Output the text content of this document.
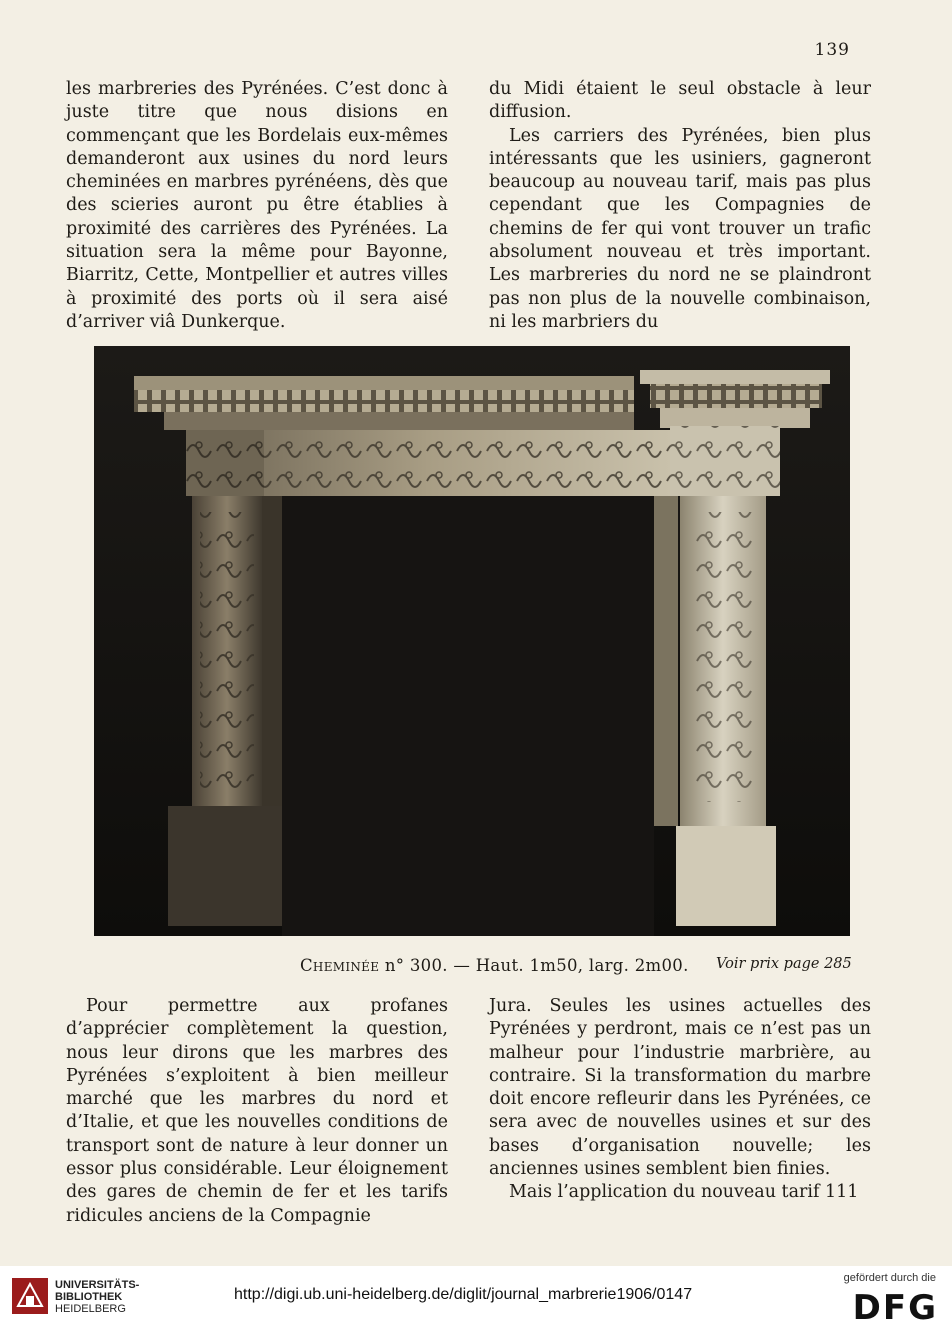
139

les marbreries des Pyrénées. C’est donc à juste titre que nous disions en commençant que les Bordelais eux-mêmes demanderont aux usines du nord leurs cheminées en marbres pyrénéens, dès que des scieries auront pu être établies à proximité des carrières des Pyrénées. La situation sera la même pour Bayonne, Biarritz, Cette, Montpellier et autres villes à proximité des ports où il sera aisé d’arriver viâ Dunkerque.

du Midi étaient le seul obstacle à leur diffusion.

Les carriers des Pyrénées, bien plus intéressants que les usiniers, gagneront beaucoup au nouveau tarif, mais pas plus cependant que les Compagnies de chemins de fer qui vont trouver un trafic absolument nouveau et très important. Les marbreries du nord ne se plaindront pas non plus de la nouvelle combinaison, ni les marbriers du

Cheminée n° 300. — Haut. 1m50, larg. 2m00. Voir prix page 285

Pour permettre aux profanes d’apprécier complètement la question, nous leur dirons que les marbres des Pyrénées s’exploitent à bien meilleur marché que les marbres du nord et d’Italie, et que les nouvelles conditions de transport sont de nature à leur donner un essor plus considérable. Leur éloignement des gares de chemin de fer et les tarifs ridicules anciens de la Compagnie

Jura. Seules les usines actuelles des Pyrénées y perdront, mais ce n’est pas un malheur pour l’industrie marbrière, au contraire. Si la transformation du marbre doit encore refleurir dans les Pyrénées, ce sera avec de nouvelles usines et sur des bases d’organisation nouvelle; les anciennes usines semblent bien finies.

Mais l’application du nouveau tarif 111

UNIVERSITÄTS-
BIBLIOTHEK
HEIDELBERG
http://digi.ub.uni-heidelberg.de/diglit/journal_marbrerie1906/0147
gefördert durch die
DFG
